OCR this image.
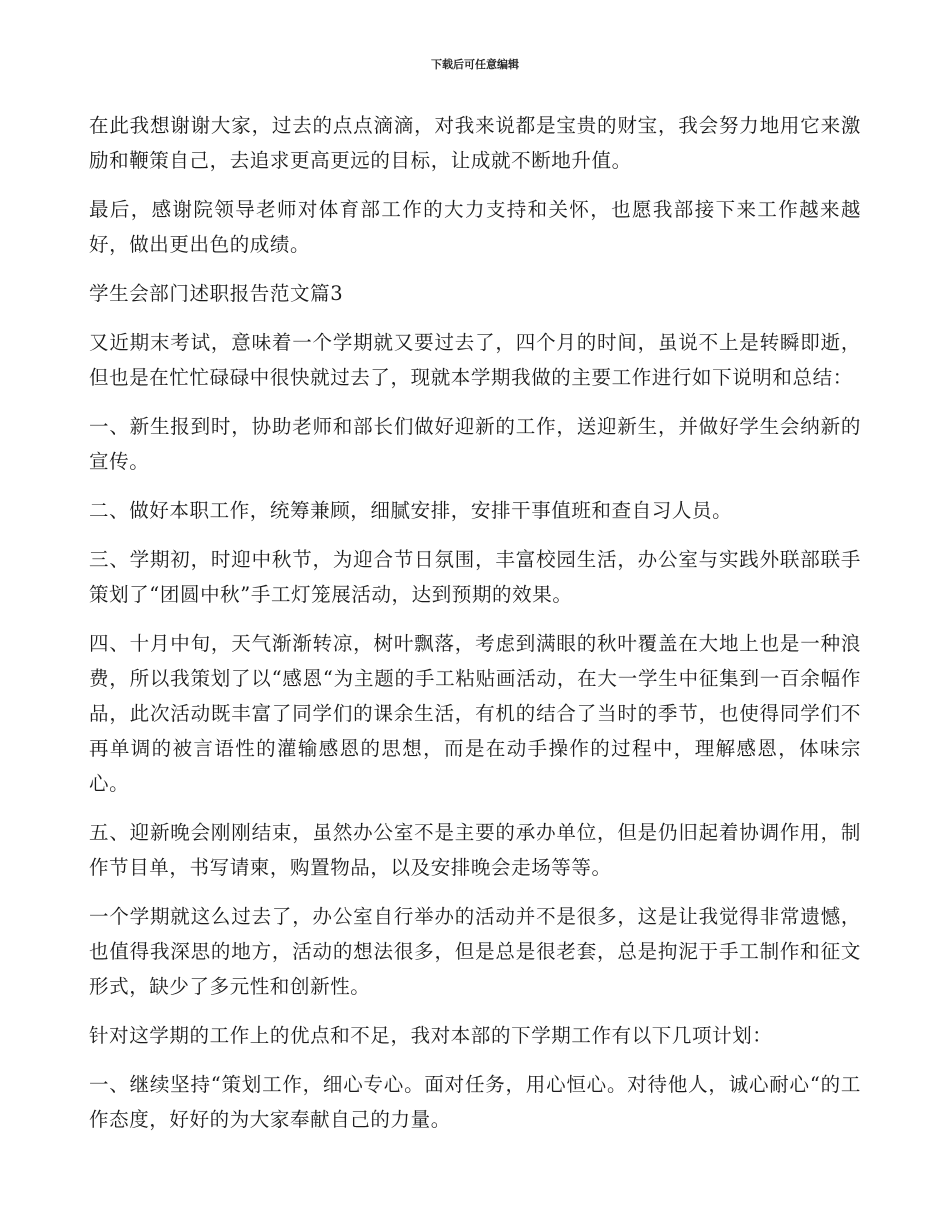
下载后可任意编辑

在此我想谢谢大家，过去的点点滴滴，对我来说都是宝贵的财宝，我会努力地用它来激励和鞭策自己，去追求更高更远的目标，让成就不断地升值。

最后，感谢院领导老师对体育部工作的大力支持和关怀，也愿我部接下来工作越来越好，做出更出色的成绩。

学生会部门述职报告范文篇3

又近期末考试，意味着一个学期就又要过去了，四个月的时间，虽说不上是转瞬即逝，但也是在忙忙碌碌中很快就过去了，现就本学期我做的主要工作进行如下说明和总结：

一、新生报到时，协助老师和部长们做好迎新的工作，送迎新生，并做好学生会纳新的宣传。

二、做好本职工作，统筹兼顾，细腻安排，安排干事值班和查自习人员。

三、学期初，时迎中秋节，为迎合节日氛围，丰富校园生活，办公室与实践外联部联手策划了“团圆中秋”手工灯笼展活动，达到预期的效果。

四、十月中旬，天气渐渐转凉，树叶飘落，考虑到满眼的秋叶覆盖在大地上也是一种浪费，所以我策划了以“感恩“为主题的手工粘贴画活动，在大一学生中征集到一百余幅作品，此次活动既丰富了同学们的课余生活，有机的结合了当时的季节，也使得同学们不再单调的被言语性的灌输感恩的思想，而是在动手操作的过程中，理解感恩，体味宗心。

五、迎新晚会刚刚结束，虽然办公室不是主要的承办单位，但是仍旧起着协调作用，制作节目单，书写请柬，购置物品，以及安排晚会走场等等。

一个学期就这么过去了，办公室自行举办的活动并不是很多，这是让我觉得非常遗憾，也值得我深思的地方，活动的想法很多，但是总是很老套，总是拘泥于手工制作和征文形式，缺少了多元性和创新性。

针对这学期的工作上的优点和不足，我对本部的下学期工作有以下几项计划：

一、继续坚持“策划工作，细心专心。面对任务，用心恒心。对待他人，诚心耐心“的工作态度，好好的为大家奉献自己的力量。
